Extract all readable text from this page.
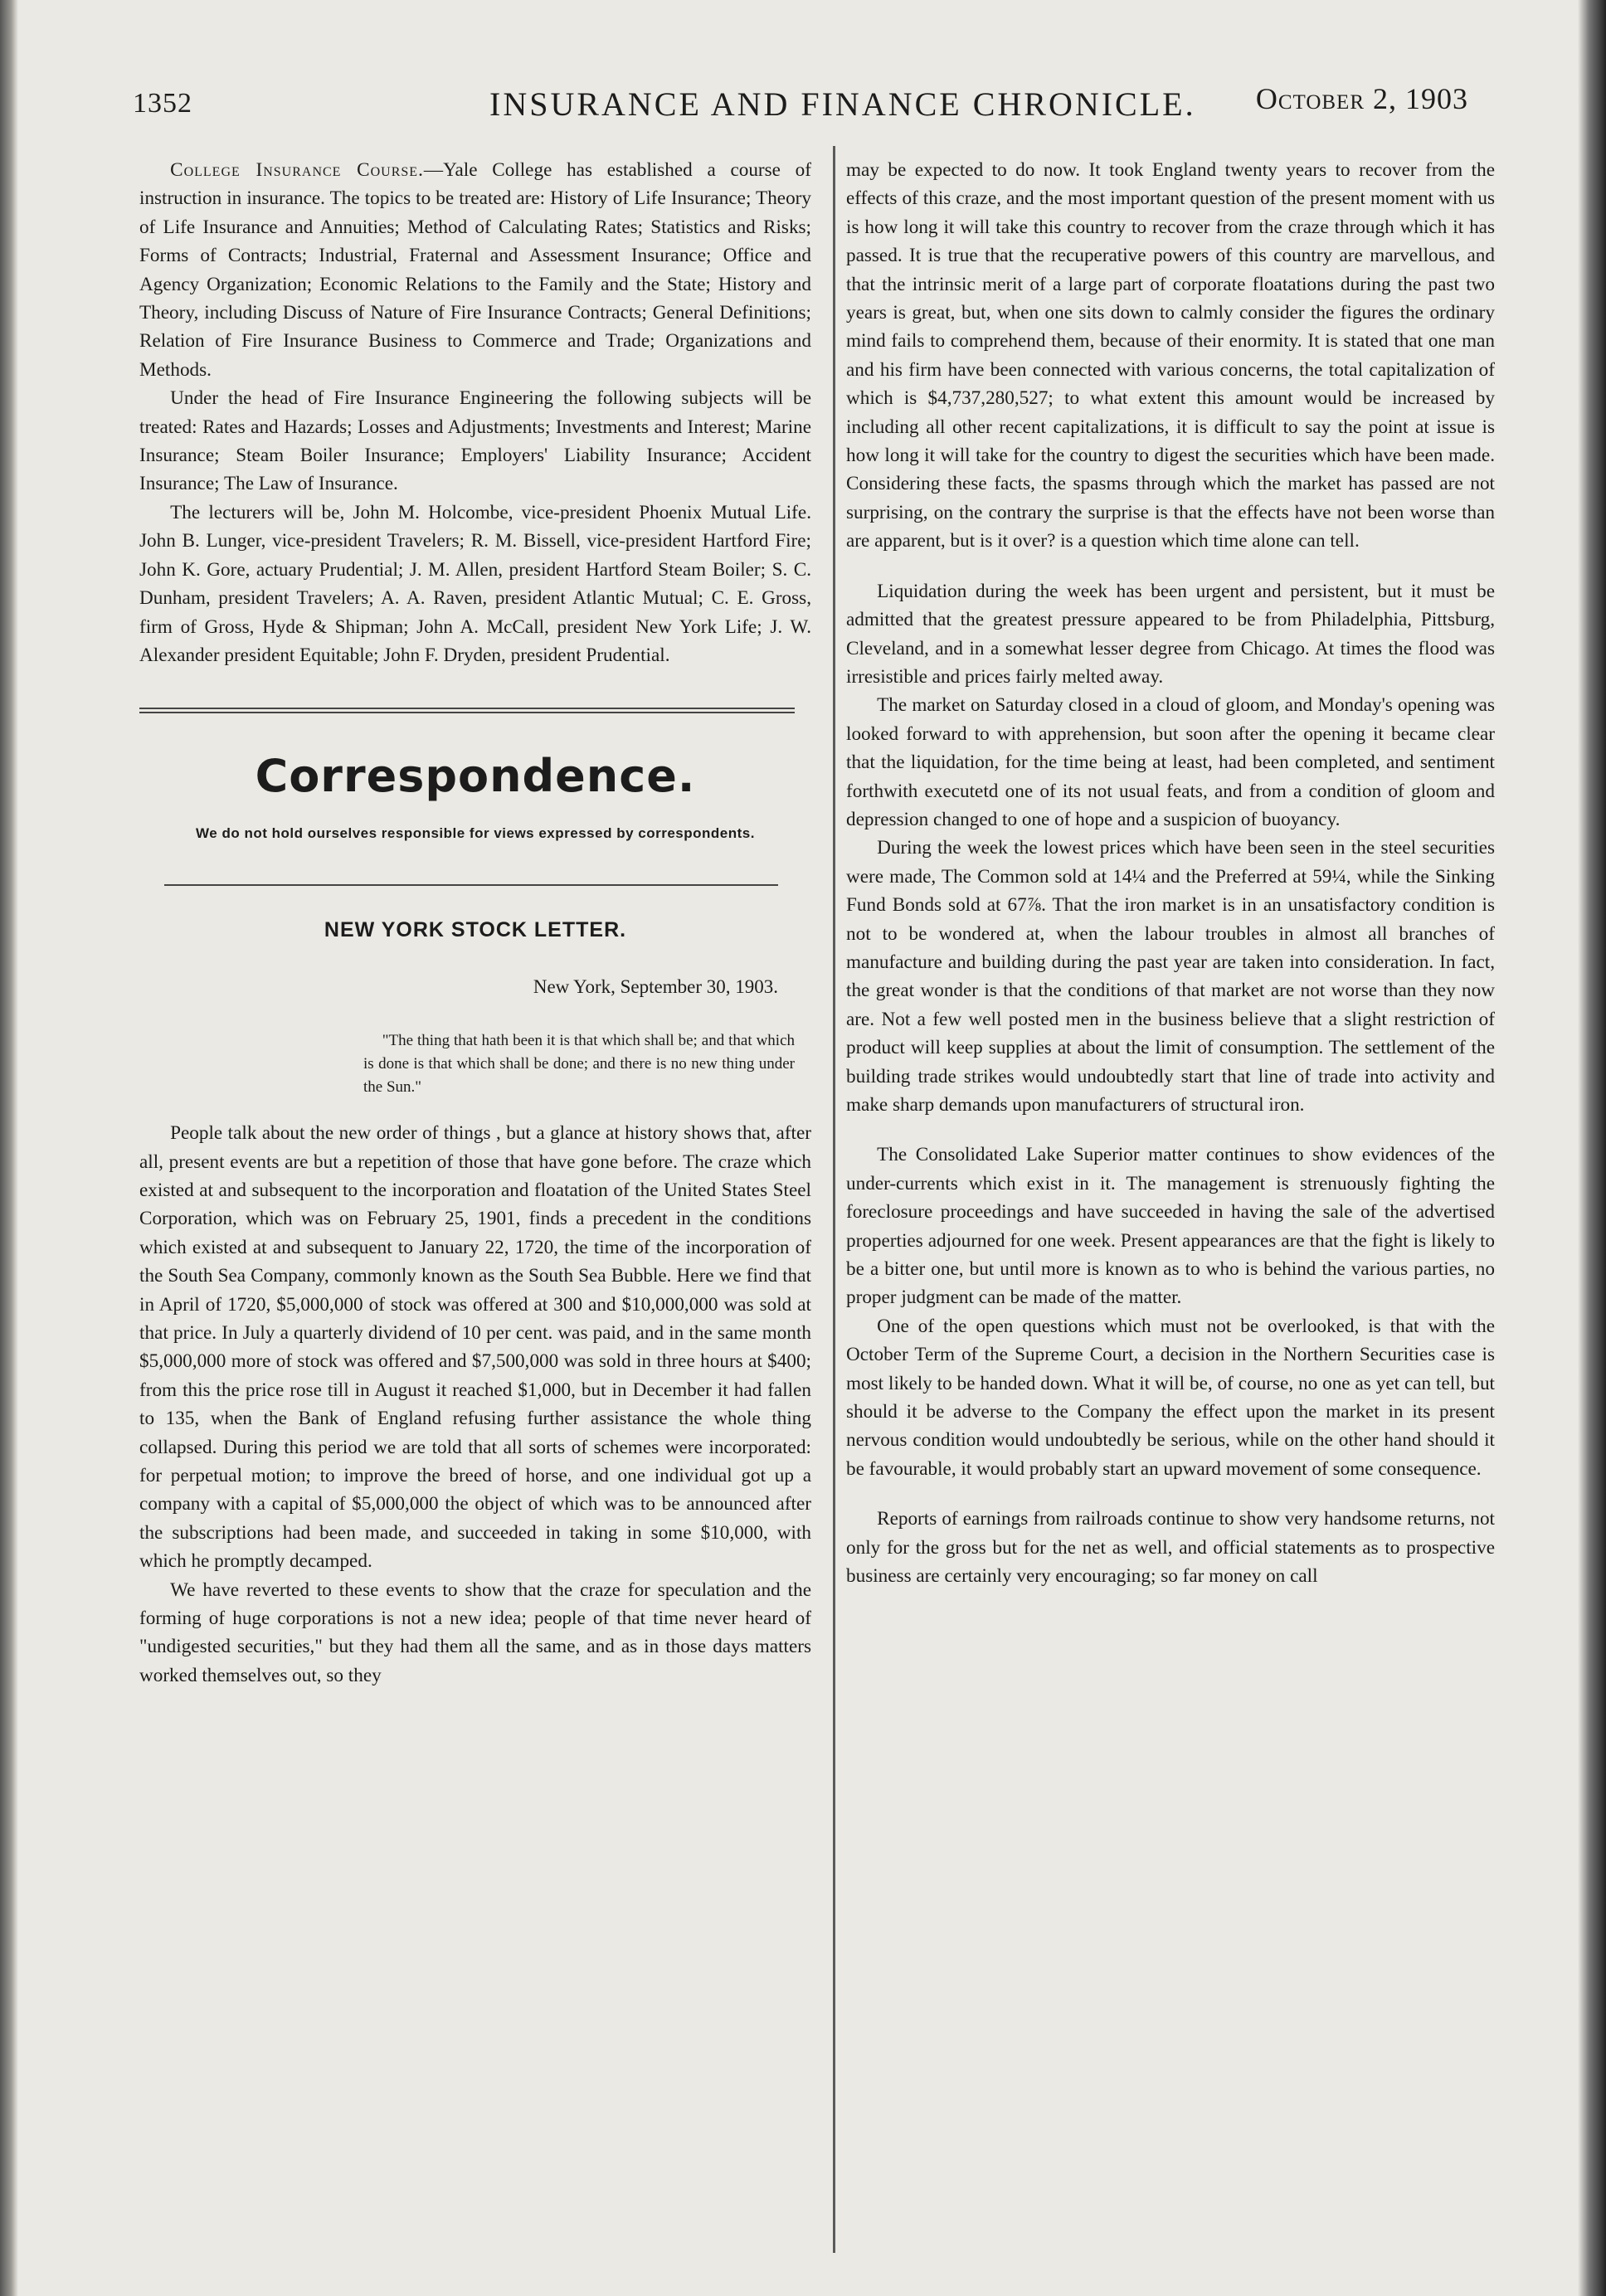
1352	INSURANCE AND FINANCE CHRONICLE. October 2, 1903

College Insurance Course.—Yale College has established a course of instruction in insurance. The topics to be treated are: History of Life Insurance; Theory of Life Insurance and Annuities; Method of Calculating Rates; Statistics and Risks; Forms of Contracts; Industrial, Fraternal and Assessment Insurance; Office and Agency Organization; Economic Relations to the Family and the State; History and Theory, including Discuss of Nature of Fire Insurance Contracts; General Definitions; Relation of Fire Insurance Business to Commerce and Trade; Organizations and Methods.

Under the head of Fire Insurance Engineering the following subjects will be treated: Rates and Hazards; Losses and Adjustments; Investments and Interest; Marine Insurance; Steam Boiler Insurance; Employers' Liability Insurance; Accident Insurance; The Law of Insurance.

The lecturers will be, John M. Holcombe, vice-president Phoenix Mutual Life. John B. Lunger, vice-president Travelers; R. M. Bissell, vice-president Hartford Fire; John K. Gore, actuary Prudential; J. M. Allen, president Hartford Steam Boiler; S. C. Dunham, president Travelers; A. A. Raven, president Atlantic Mutual; C. E. Gross, firm of Gross, Hyde & Shipman; John A. McCall, president New York Life; J. W. Alexander president Equitable; John F. Dryden, president Prudential.

Correspondence.
We do not hold ourselves responsible for views expressed by correspondents.
NEW YORK STOCK LETTER.
New York, September 30, 1903.
"The thing that hath been it is that which shall be; and that which is done is that which shall be done; and there is no new thing under the Sun."

People talk about the new order of things , but a glance at history shows that, after all, present events are but a repetition of those that have gone before. The craze which existed at and subsequent to the incorporation and floatation of the United States Steel Corporation, which was on February 25, 1901, finds a precedent in the conditions which existed at and subsequent to January 22, 1720, the time of the incorporation of the South Sea Company, commonly known as the South Sea Bubble. Here we find that in April of 1720, $5,000,000 of stock was offered at 300 and $10,000,000 was sold at that price. In July a quarterly dividend of 10 per cent. was paid, and in the same month $5,000,000 more of stock was offered and $7,500,000 was sold in three hours at $400; from this the price rose till in August it reached $1,000, but in December it had fallen to 135, when the Bank of England refusing further assistance the whole thing collapsed. During this period we are told that all sorts of schemes were incorporated: for perpetual motion; to improve the breed of horse, and one individual got up a company with a capital of $5,000,000 the object of which was to be announced after the subscriptions had been made, and succeeded in taking in some $10,000, with which he promptly decamped.

We have reverted to these events to show that the craze for speculation and the forming of huge corporations is not a new idea; people of that time never heard of "undigested securities," but they had them all the same, and as in those days matters worked themselves out, so they

may be expected to do now. It took England twenty years to recover from the effects of this craze, and the most important question of the present moment with us is how long it will take this country to recover from the craze through which it has passed. It is true that the recuperative powers of this country are marvellous, and that the intrinsic merit of a large part of corporate floatations during the past two years is great, but, when one sits down to calmly consider the figures the ordinary mind fails to comprehend them, because of their enormity. It is stated that one man and his firm have been connected with various concerns, the total capitalization of which is $4,737,280,527; to what extent this amount would be increased by including all other recent capitalizations, it is difficult to say the point at issue is how long it will take for the country to digest the securities which have been made. Considering these facts, the spasms through which the market has passed are not surprising, on the contrary the surprise is that the effects have not been worse than are apparent, but is it over? is a question which time alone can tell.

Liquidation during the week has been urgent and persistent, but it must be admitted that the greatest pressure appeared to be from Philadelphia, Pittsburg, Cleveland, and in a somewhat lesser degree from Chicago. At times the flood was irresistible and prices fairly melted away.

The market on Saturday closed in a cloud of gloom, and Monday's opening was looked forward to with apprehension, but soon after the opening it became clear that the liquidation, for the time being at least, had been completed, and sentiment forthwith executetd one of its not usual feats, and from a condition of gloom and depression changed to one of hope and a suspicion of buoyancy.

During the week the lowest prices which have been seen in the steel securities were made, The Common sold at 14¼ and the Preferred at 59¼, while the Sinking Fund Bonds sold at 67⅞. That the iron market is in an unsatisfactory condition is not to be wondered at, when the labour troubles in almost all branches of manufacture and building during the past year are taken into consideration. In fact, the great wonder is that the conditions of that market are not worse than they now are. Not a few well posted men in the business believe that a slight restriction of product will keep supplies at about the limit of consumption. The settlement of the building trade strikes would undoubtedly start that line of trade into activity and make sharp demands upon manufacturers of structural iron.

The Consolidated Lake Superior matter continues to show evidences of the under-currents which exist in it. The management is strenuously fighting the foreclosure proceedings and have succeeded in having the sale of the advertised properties adjourned for one week. Present appearances are that the fight is likely to be a bitter one, but until more is known as to who is behind the various parties, no proper judgment can be made of the matter.

One of the open questions which must not be overlooked, is that with the October Term of the Supreme Court, a decision in the Northern Securities case is most likely to be handed down. What it will be, of course, no one as yet can tell, but should it be adverse to the Company the effect upon the market in its present nervous condition would undoubtedly be serious, while on the other hand should it be favourable, it would probably start an upward movement of some consequence.

Reports of earnings from railroads continue to show very handsome returns, not only for the gross but for the net as well, and official statements as to prospective business are certainly very encouraging; so far money on call
